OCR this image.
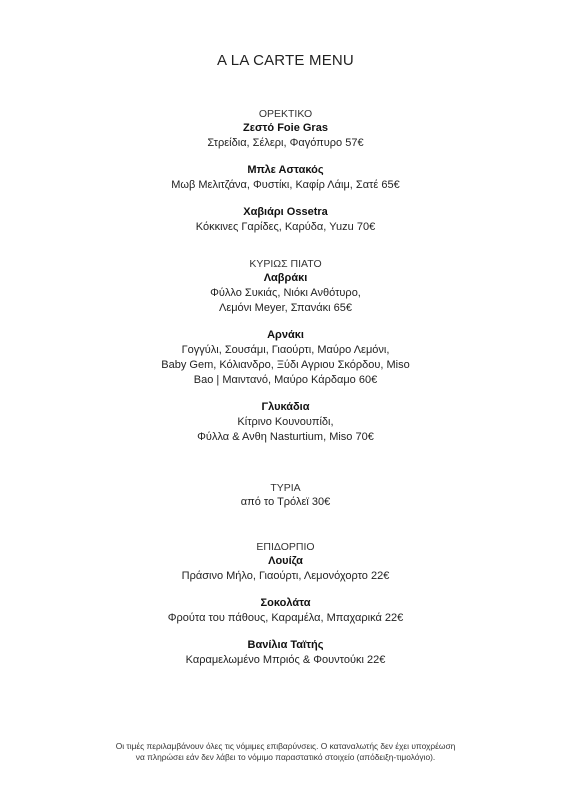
A LA CARTE MENU

ΟΡΕΚΤΙΚΟ

Ζεστό Foie Gras

Στρείδια, Σέλερι, Φαγόπυρο 57€

Μπλε Αστακός

Μωβ Μελιτζάνα, Φυστίκι, Καφίρ Λάιμ, Σατέ 65€

Χαβιάρι Ossetra

Κόκκινες Γαρίδες, Καρύδα, Yuzu 70€

ΚΥΡΙΩΣ ΠΙΑΤΟ

Λαβράκι

Φύλλο Συκιάς, Νιόκι Ανθότυρο,

Λεμόνι Meyer, Σπανάκι 65€

Αρνάκι

Γογγύλι, Σουσάμι, Γιαούρτι, Μαύρο Λεμόνι,

Baby Gem, Κόλιανδρο, Ξύδι Αγριου Σκόρδου, Miso

Bao | Μαιντανό, Μαύρο Κάρδαμο 60€

Γλυκάδια

Κίτρινο Κουνουπίδι,

Φύλλα & Ανθη Nasturtium, Miso 70€

ΤΥΡΙΑ

από το Τρόλεϊ 30€

ΕΠΙΔΟΡΠΙΟ

Λουίζα

Πράσινο Μήλο, Γιαούρτι, Λεμονόχορτο 22€

Σοκολάτα

Φρούτα του πάθους, Καραμέλα, Μπαχαρικά 22€

Βανίλια Ταϊτής

Καραμελωμένο Μπριός & Φουντούκι 22€

Οι τιμές περιλαμβάνουν όλες τις νόμιμες επιβαρύνσεις. Ο καταναλωτής δεν έχει υποχρέωση
να πληρώσει εάν δεν λάβει το νόμιμο παραστατικό στοιχείο (απόδειξη-τιμολόγιο).
